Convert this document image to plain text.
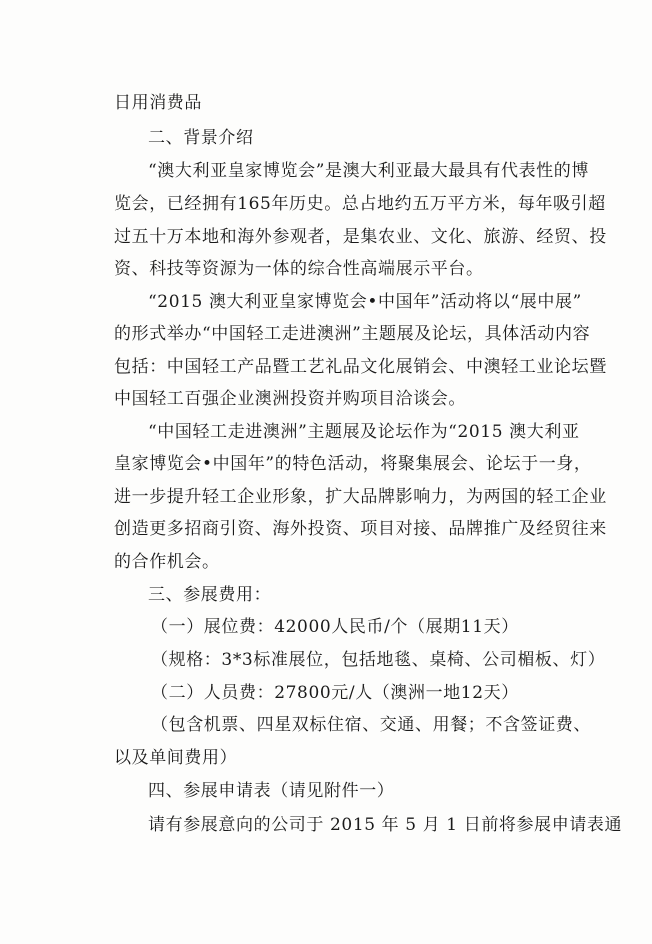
日用消费品
二、背景介绍
“澳大利亚皇家博览会”是澳大利亚最大最具有代表性的博
览会，已经拥有165年历史。总占地约五万平方米，每年吸引超
过五十万本地和海外参观者，是集农业、文化、旅游、经贸、投
资、科技等资源为一体的综合性高端展示平台。
“2015 澳大利亚皇家博览会•中国年”活动将以“展中展”
的形式举办“中国轻工走进澳洲”主题展及论坛，具体活动内容
包括：中国轻工产品暨工艺礼品文化展销会、中澳轻工业论坛暨
中国轻工百强企业澳洲投资并购项目洽谈会。
“中国轻工走进澳洲”主题展及论坛作为“2015 澳大利亚
皇家博览会•中国年”的特色活动，将聚集展会、论坛于一身，
进一步提升轻工企业形象，扩大品牌影响力，为两国的轻工企业
创造更多招商引资、海外投资、项目对接、品牌推广及经贸往来
的合作机会。
三、参展费用：
（一）展位费：42000人民币/个（展期11天）
（规格：3*3标准展位，包括地毯、桌椅、公司楣板、灯）
（二）人员费：27800元/人（澳洲一地12天）
（包含机票、四星双标住宿、交通、用餐；不含签证费、
以及单间费用）
四、参展申请表（请见附件一）
请有参展意向的公司于 2015 年 5 月 1 日前将参展申请表通
